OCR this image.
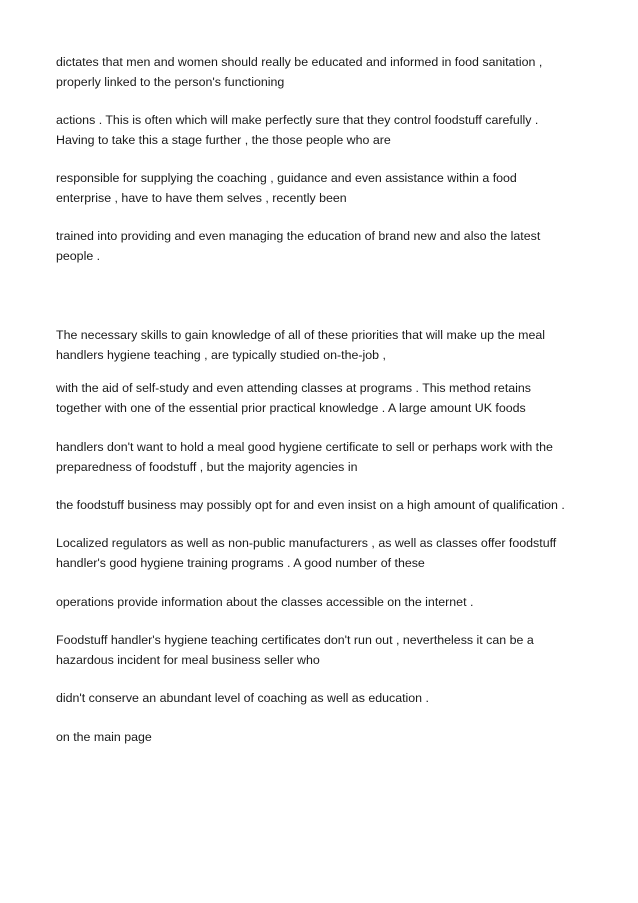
dictates that men and women should really be educated and informed in food sanitation ,
properly linked to the person's functioning

actions . This is often which will make perfectly sure that they control foodstuff carefully .
Having to take this a stage further , the those people who are

responsible for supplying the coaching , guidance and even assistance within a food
enterprise , have to have them selves , recently been

trained into providing and even managing the education of brand new and also the latest
people .

The necessary skills to gain knowledge of all of these priorities that will make up the meal
handlers hygiene teaching , are typically studied on-the-job ,

with the aid of self-study and even attending classes at programs . This method retains
together with one of the essential prior practical knowledge . A large amount UK foods

handlers don't want to hold a meal good hygiene certificate to sell or perhaps work with the
preparedness of foodstuff , but the majority agencies in

the foodstuff business may possibly opt for and even insist on a high amount of qualification .

Localized regulators as well as non-public manufacturers , as well as classes offer foodstuff
handler's good hygiene training programs . A good number of these

operations provide information about the classes accessible on the internet .

Foodstuff handler's hygiene teaching certificates don't run out , nevertheless it can be a
hazardous incident for meal business seller who

didn't conserve an abundant level of coaching as well as education .

on the main page
